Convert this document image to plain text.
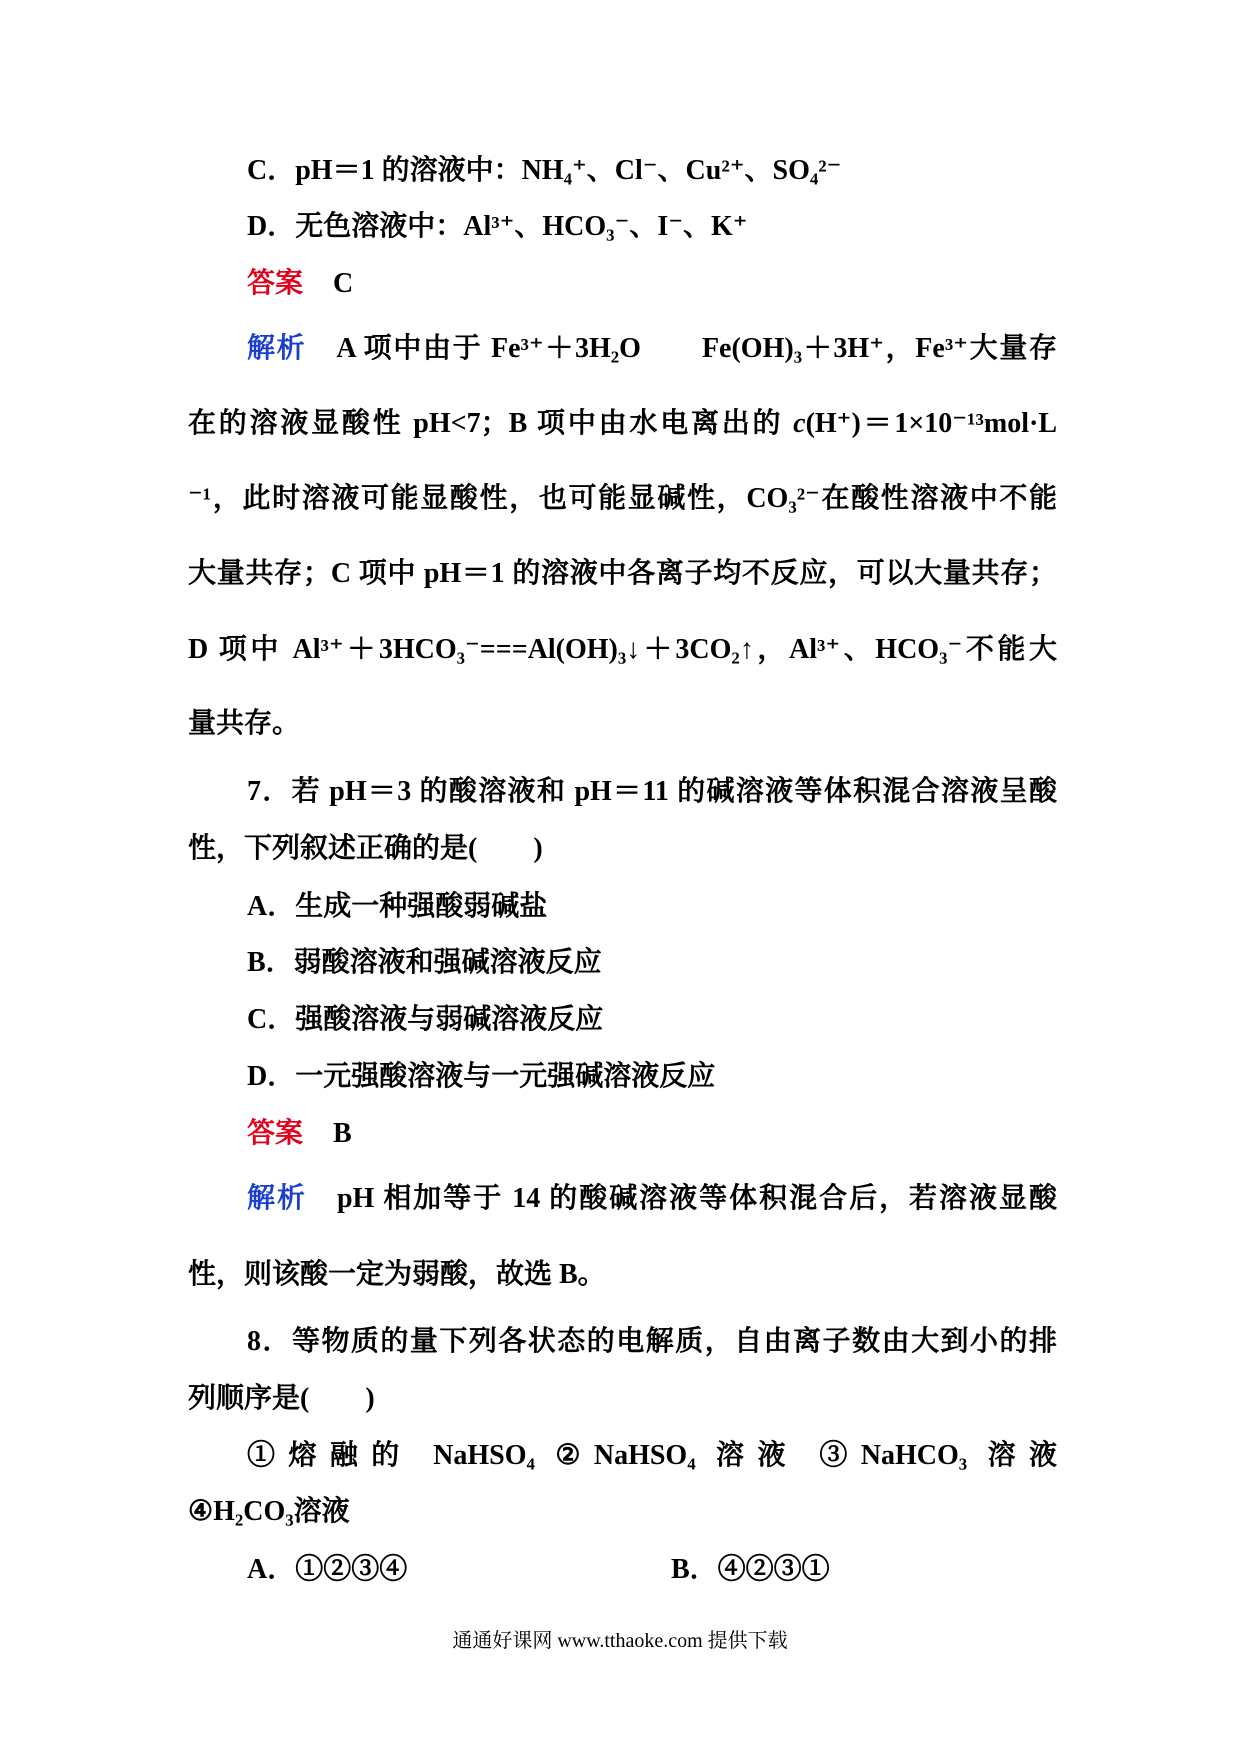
C．pH＝1 的溶液中：NH₄⁺、Cl⁻、Cu²⁺、SO₄²⁻
D．无色溶液中：Al³⁺、HCO₃⁻、I⁻、K⁺
答案 C
解析 A 项中由于 Fe³⁺＋3H₂O　　Fe(OH)₃＋3H⁺，Fe³⁺大量存
在的溶液显酸性 pH<7；B 项中由水电离出的 c(H⁺)＝1×10⁻¹³mol·L
⁻¹，此时溶液可能显酸性，也可能显碱性，CO₃²⁻在酸性溶液中不能
大量共存；C 项中 pH＝1 的溶液中各离子均不反应，可以大量共存；
D 项中 Al³⁺＋3HCO₃⁻===Al(OH)₃↓＋3CO₂↑，Al³⁺、HCO₃⁻不能大
量共存。
7．若 pH＝3 的酸溶液和 pH＝11 的碱溶液等体积混合溶液呈酸
性，下列叙述正确的是(　　)
A．生成一种强酸弱碱盐
B．弱酸溶液和强碱溶液反应
C．强酸溶液与弱碱溶液反应
D．一元强酸溶液与一元强碱溶液反应
答案 B
解析 pH 相加等于 14 的酸碱溶液等体积混合后，若溶液显酸
性，则该酸一定为弱酸，故选 B。
8．等物质的量下列各状态的电解质，自由离子数由大到小的排
列顺序是(　　)
①熔融的 NaHSO₄ ②NaHSO₄ 溶液 ③NaHCO₃ 溶液
④H₂CO₃溶液
A．①②③④	B．④②③①
通通好课网 www.tthaoke.com 提供下载
